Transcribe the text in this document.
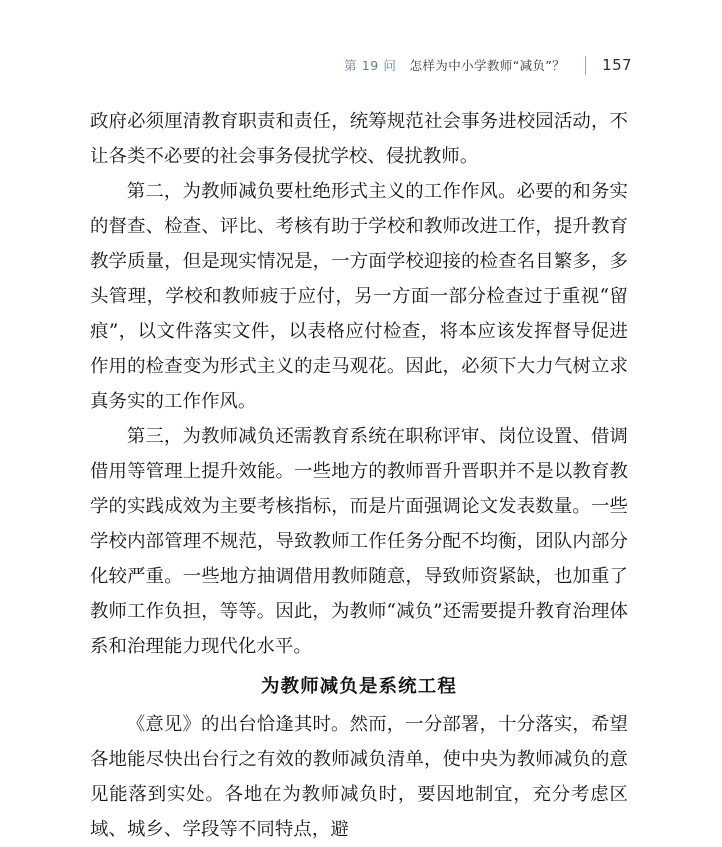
第 19 问 怎样为中小学教师“减负”？ 157

政府必须厘清教育职责和责任，统筹规范社会事务进校园活动，不让各类不必要的社会事务侵扰学校、侵扰教师。

第二，为教师减负要杜绝形式主义的工作作风。必要的和务实的督查、检查、评比、考核有助于学校和教师改进工作，提升教育教学质量，但是现实情况是，一方面学校迎接的检查名目繁多，多头管理，学校和教师疲于应付，另一方面一部分检查过于重视“留痕”，以文件落实文件，以表格应付检查，将本应该发挥督导促进作用的检查变为形式主义的走马观花。因此，必须下大力气树立求真务实的工作作风。

第三，为教师减负还需教育系统在职称评审、岗位设置、借调借用等管理上提升效能。一些地方的教师晋升晋职并不是以教育教学的实践成效为主要考核指标，而是片面强调论文发表数量。一些学校内部管理不规范，导致教师工作任务分配不均衡，团队内部分化较严重。一些地方抽调借用教师随意，导致师资紧缺，也加重了教师工作负担，等等。因此，为教师“减负”还需要提升教育治理体系和治理能力现代化水平。

为教师减负是系统工程

《意见》的出台恰逢其时。然而，一分部署，十分落实，希望各地能尽快出台行之有效的教师减负清单，使中央为教师减负的意见能落到实处。各地在为教师减负时，要因地制宜，充分考虑区域、城乡、学段等不同特点，避
